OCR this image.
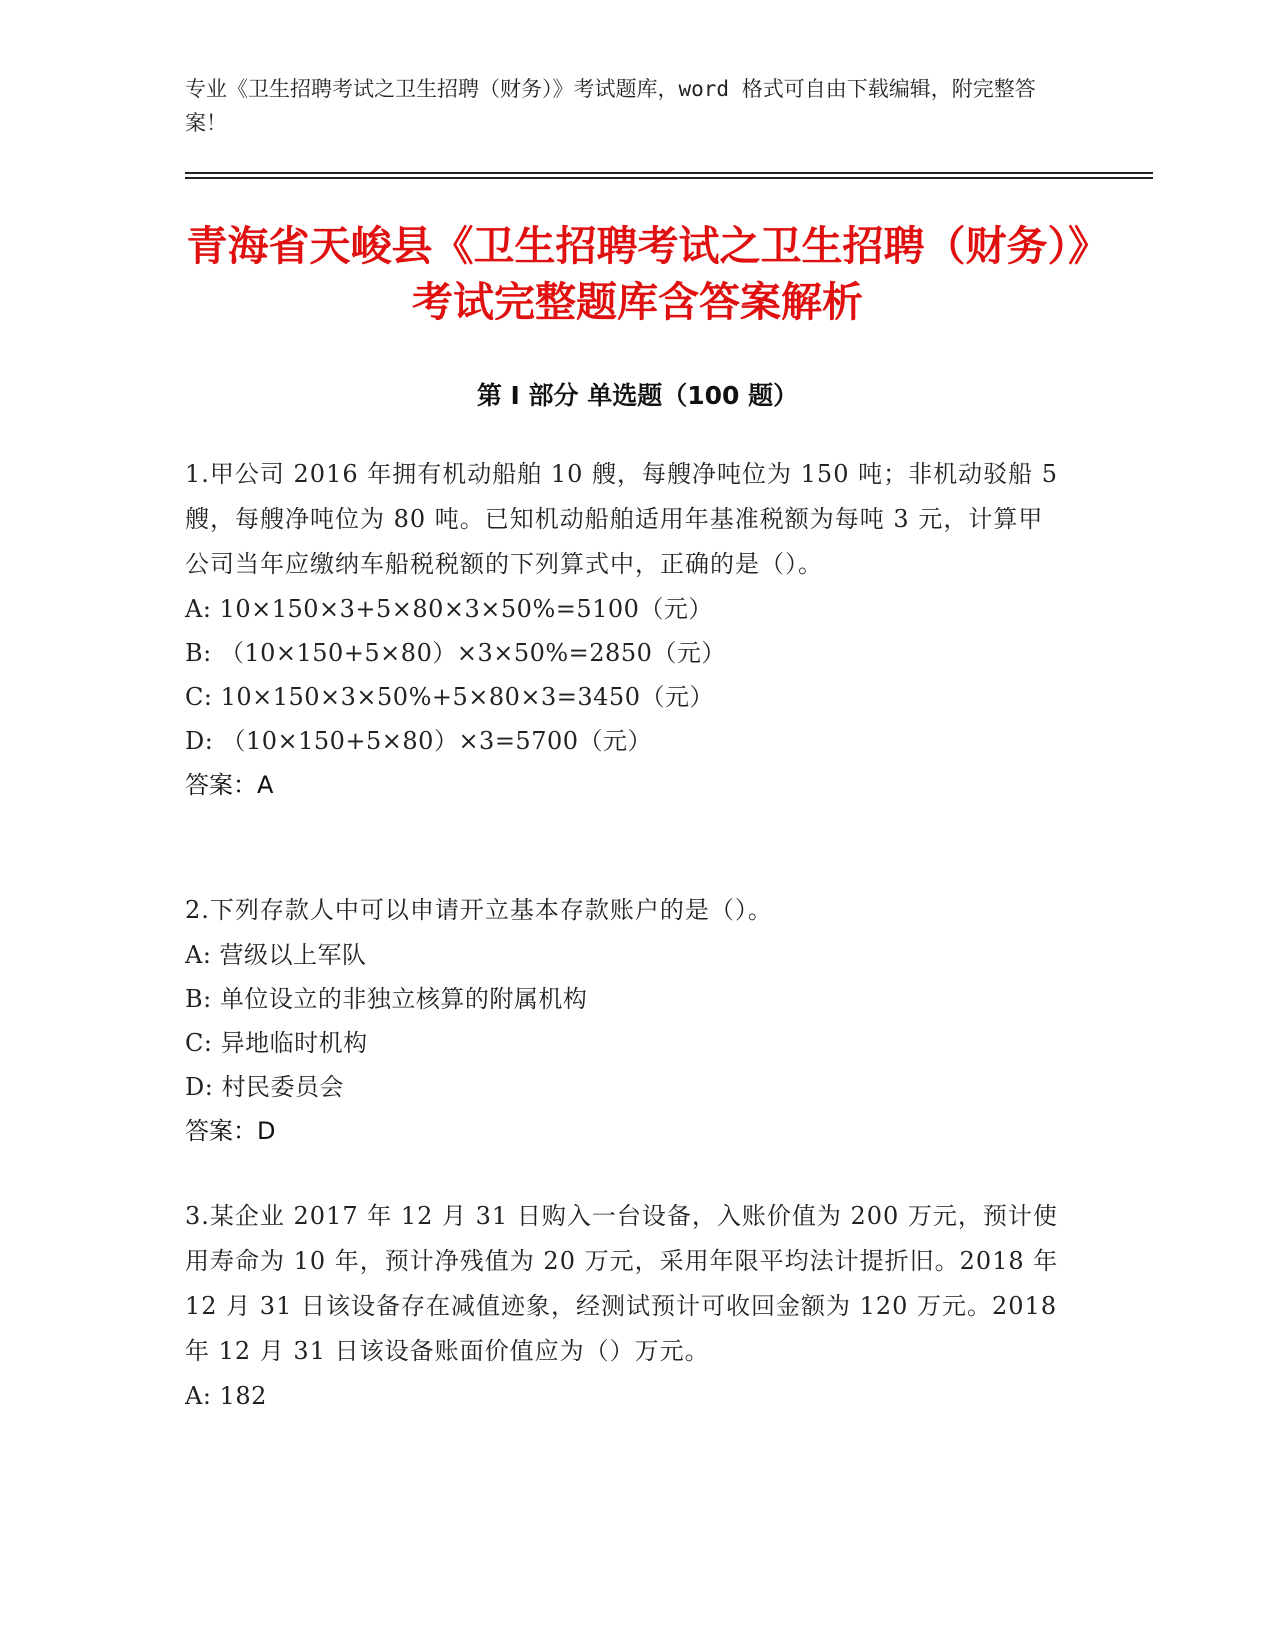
专业《卫生招聘考试之卫生招聘（财务）》考试题库，word 格式可自由下载编辑，附完整答案！
青海省天峻县《卫生招聘考试之卫生招聘（财务）》考试完整题库含答案解析
第 I 部分 单选题（100 题）

1.甲公司 2016 年拥有机动船舶 10 艘，每艘净吨位为 150 吨；非机动驳船 5 艘，每艘净吨位为 80 吨。已知机动船舶适用年基准税额为每吨 3 元，计算甲公司当年应缴纳车船税税额的下列算式中，正确的是（）。

A: 10×150×3+5×80×3×50%=5100（元）

B: （10×150+5×80）×3×50%=2850（元）

C: 10×150×3×50%+5×80×3=3450（元）

D: （10×150+5×80）×3=5700（元）

答案：A

2.下列存款人中可以申请开立基本存款账户的是（）。

A: 营级以上军队

B: 单位设立的非独立核算的附属机构

C: 异地临时机构

D: 村民委员会

答案：D

3.某企业 2017 年 12 月 31 日购入一台设备，入账价值为 200 万元，预计使用寿命为 10 年，预计净残值为 20 万元，采用年限平均法计提折旧。2018 年 12 月 31 日该设备存在减值迹象，经测试预计可收回金额为 120 万元。2018 年 12 月 31 日该设备账面价值应为（）万元。

A: 182
